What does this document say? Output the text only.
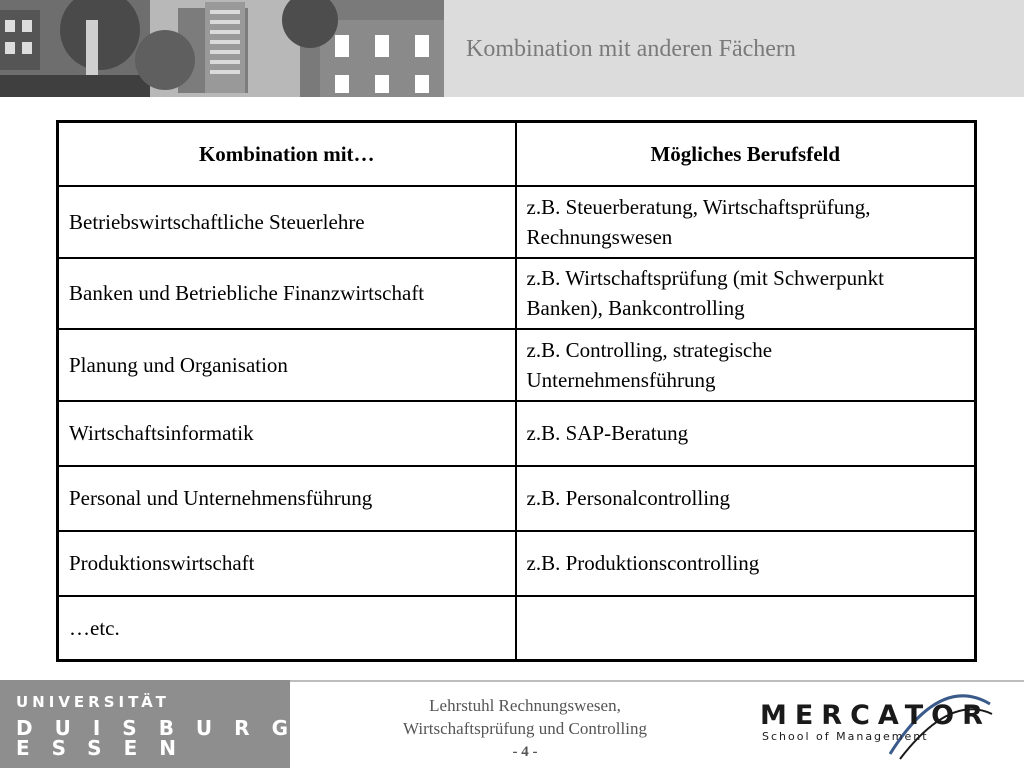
Kombination mit anderen Fächern
Kombination mit…	Mögliches Berufsfeld
Betriebswirtschaftliche Steuerlehre	z.B. Steuerberatung, Wirtschaftsprüfung, Rechnungswesen
Banken und Betriebliche Finanzwirtschaft	z.B. Wirtschaftsprüfung (mit Schwerpunkt Banken), Bankcontrolling
Planung und Organisation	z.B. Controlling, strategische Unternehmensführung
Wirtschaftsinformatik	z.B. SAP-Beratung
Personal und Unternehmensführung	z.B. Personalcontrolling
Produktionswirtschaft	z.B. Produktionscontrolling
…etc.	
UNIVERSITÄT
DUISBURG
ESSEN
Lehrstuhl Rechnungswesen,
Wirtschaftsprüfung und Controlling
- 4 -
MERCATOR
School of Management
